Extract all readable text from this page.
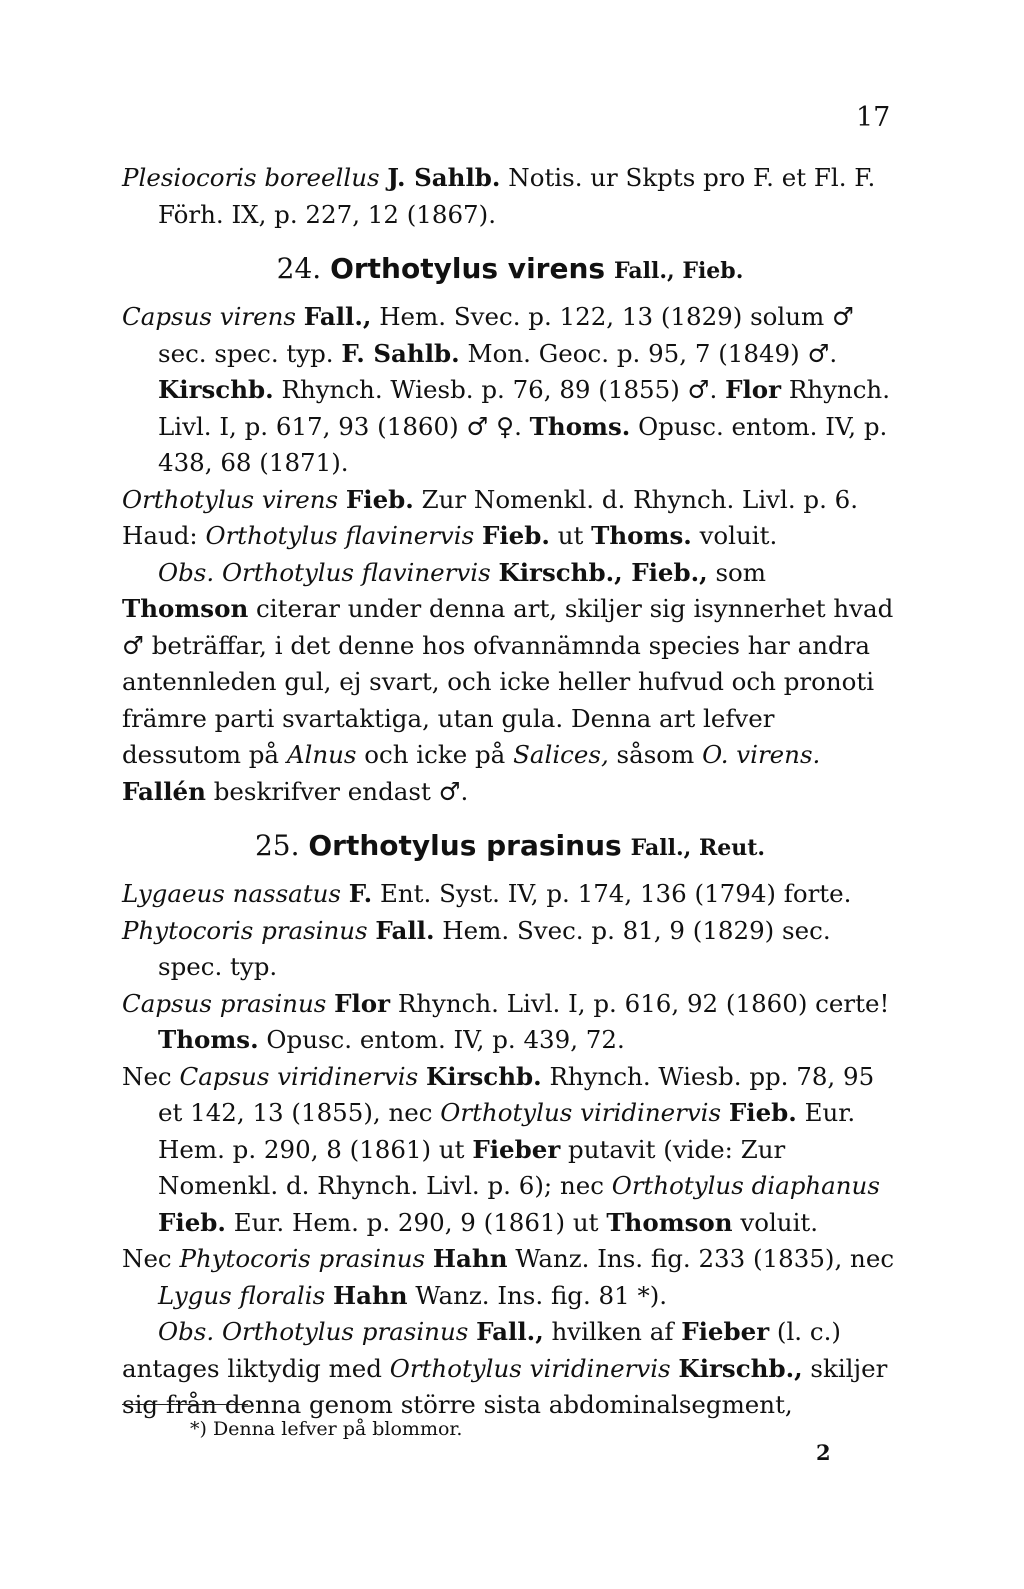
17

Plesiocoris boreellus J. Sahlb. Notis. ur Skpts pro F. et Fl. F. Förh. IX, p. 227, 12 (1867).

24. Orthotylus virens Fall., Fieb.

Capsus virens Fall., Hem. Svec. p. 122, 13 (1829) solum ♂ sec. spec. typ. F. Sahlb. Mon. Geoc. p. 95, 7 (1849) ♂. Kirschb. Rhynch. Wiesb. p. 76, 89 (1855) ♂. Flor Rhynch. Livl. I, p. 617, 93 (1860) ♂ ♀. Thoms. Opusc. entom. IV, p. 438, 68 (1871).

Orthotylus virens Fieb. Zur Nomenkl. d. Rhynch. Livl. p. 6.

Haud: Orthotylus flavinervis Fieb. ut Thoms. voluit.

Obs. Orthotylus flavinervis Kirschb., Fieb., som Thomson citerar under denna art, skiljer sig isynnerhet hvad ♂ beträffar, i det denne hos ofvannämnda species har andra antennleden gul, ej svart, och icke heller hufvud och pronoti främre parti svartaktiga, utan gula. Denna art lefver dessutom på Alnus och icke på Salices, såsom O. virens. Fallén beskrifver endast ♂.

25. Orthotylus prasinus Fall., Reut.

Lygaeus nassatus F. Ent. Syst. IV, p. 174, 136 (1794) forte.

Phytocoris prasinus Fall. Hem. Svec. p. 81, 9 (1829) sec. spec. typ.

Capsus prasinus Flor Rhynch. Livl. I, p. 616, 92 (1860) certe! Thoms. Opusc. entom. IV, p. 439, 72.

Nec Capsus viridinervis Kirschb. Rhynch. Wiesb. pp. 78, 95 et 142, 13 (1855), nec Orthotylus viridinervis Fieb. Eur. Hem. p. 290, 8 (1861) ut Fieber putavit (vide: Zur Nomenkl. d. Rhynch. Livl. p. 6); nec Orthotylus diaphanus Fieb. Eur. Hem. p. 290, 9 (1861) ut Thomson voluit.

Nec Phytocoris prasinus Hahn Wanz. Ins. fig. 233 (1835), nec Lygus floralis Hahn Wanz. Ins. fig. 81 *).

Obs. Orthotylus prasinus Fall., hvilken af Fieber (l. c.) antages liktydig med Orthotylus viridinervis Kirschb., skiljer sig från denna genom större sista abdominalsegment,

*) Denna lefver på blommor.
2
